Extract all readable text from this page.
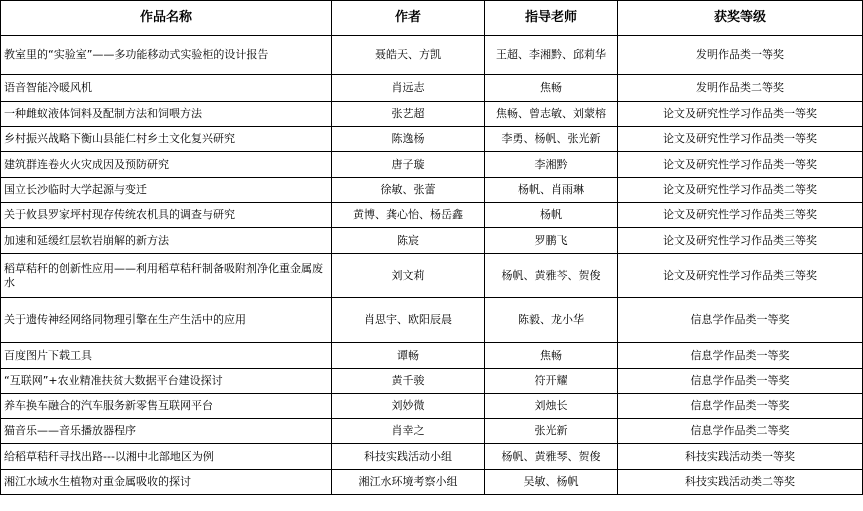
作品名称	作者	指导老师	获奖等级
教室里的“实验室”——多功能移动式实验柜的设计报告	聂皓天、方凯	王超、李湘黔、邱莉华	发明作品类一等奖
语音智能冷暖风机	肖远志	焦畅	发明作品类二等奖
一种雌蚁液体饲料及配制方法和饲喂方法	张艺超	焦畅、曾志敏、刘蒙榕	论文及研究性学习作品类一等奖
乡村振兴战略下衡山县能仁村乡土文化复兴研究	陈逸杨	李勇、杨帆、张光新	论文及研究性学习作品类一等奖
建筑群连卷火火灾成因及预防研究	唐子璇	李湘黔	论文及研究性学习作品类一等奖
国立长沙临时大学起源与变迁	徐敏、张蕾	杨帆、肖雨琳	论文及研究性学习作品类二等奖
关于攸县罗家坪村现存传统农机具的调查与研究	黄博、龚心怡、杨岳鑫	杨帆	论文及研究性学习作品类三等奖
加速和延缓红层软岩崩解的新方法	陈宸	罗鹏飞	论文及研究性学习作品类三等奖
稻草秸秆的创新性应用——利用稻草秸秆制备吸附剂净化重金属废水	刘文莉	杨帆、黄雅芩、贺俊	论文及研究性学习作品类三等奖
关于遗传神经网络同物理引擎在生产生活中的应用	肖思宇、欧阳辰晨	陈毅、龙小华	信息学作品类一等奖
百度图片下载工具	谭畅	焦畅	信息学作品类一等奖
“互联网”+农业精准扶贫大数据平台建设探讨	黄千骏	符开耀	信息学作品类一等奖
养车换车融合的汽车服务新零售互联网平台	刘妙微	刘烛长	信息学作品类一等奖
猫音乐——音乐播放器程序	肖幸之	张光新	信息学作品类二等奖
给稻草秸秆寻找出路---以湘中北部地区为例	科技实践活动小组	杨帆、黄雅琴、贺俊	科技实践活动类一等奖
湘江水域水生植物对重金属吸收的探讨	湘江水环境考察小组	吴敏、杨帆	科技实践活动类二等奖
